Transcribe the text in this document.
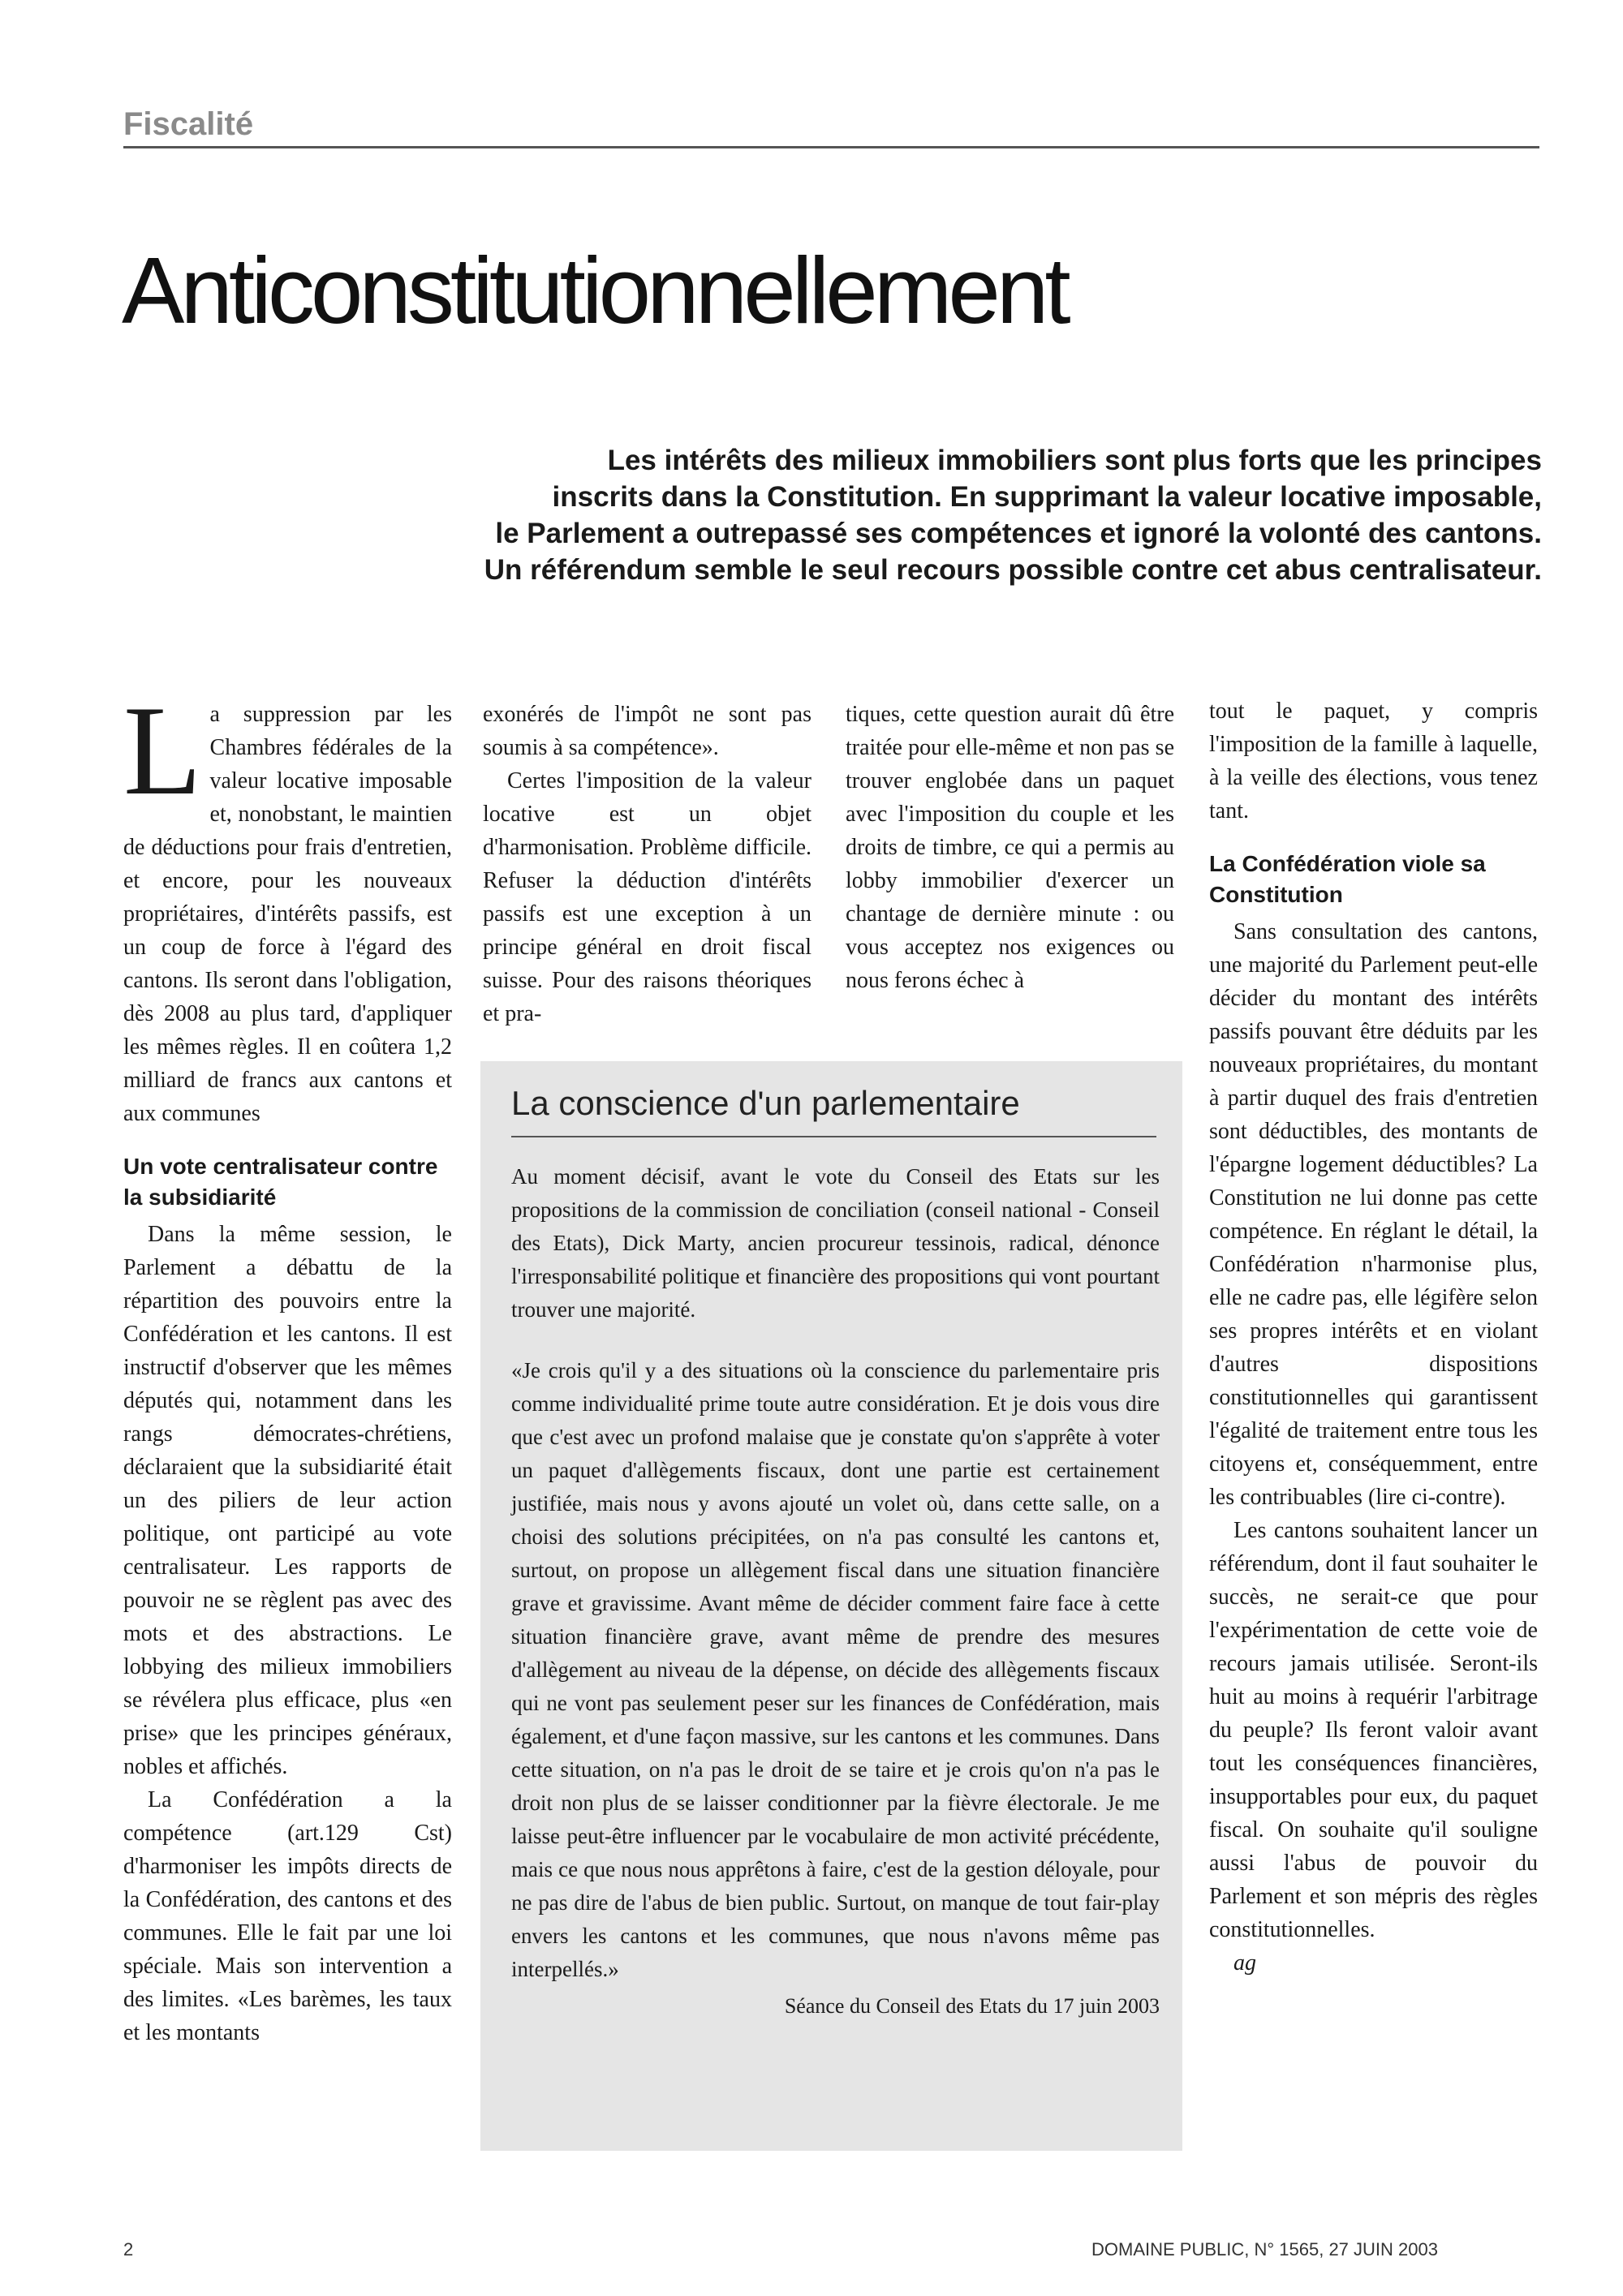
Fiscalité
Anticonstitutionnellement

Les intérêts des milieux immobiliers sont plus forts que les principes

inscrits dans la Constitution. En supprimant la valeur locative imposable,

le Parlement a outrepassé ses compétences et ignoré la volonté des cantons.

Un référendum semble le seul recours possible contre cet abus centralisateur.

La suppression par les Chambres fédérales de la valeur locative imposable et, nonobstant, le maintien de déductions pour frais d'entretien, et encore, pour les nouveaux propriétaires, d'intérêts passifs, est un coup de force à l'égard des cantons. Ils seront dans l'obligation, dès 2008 au plus tard, d'appliquer les mêmes règles. Il en coûtera 1,2 milliard de francs aux cantons et aux communes

Un vote centralisateur contre la subsidiarité

Dans la même session, le Parlement a débattu de la répartition des pouvoirs entre la Confédération et les cantons. Il est instructif d'observer que les mêmes députés qui, notamment dans les rangs démocrates-chrétiens, déclaraient que la subsidiarité était un des piliers de leur action politique, ont participé au vote centralisateur. Les rapports de pouvoir ne se règlent pas avec des mots et des abstractions. Le lobbying des milieux immobiliers se révélera plus efficace, plus «en prise» que les principes généraux, nobles et affichés.

La Confédération a la compétence (art.129 Cst) d'harmoniser les impôts directs de la Confédération, des cantons et des communes. Elle le fait par une loi spéciale. Mais son intervention a des limites. «Les barèmes, les taux et les montants

exonérés de l'impôt ne sont pas soumis à sa compétence».

Certes l'imposition de la valeur locative est un objet d'harmonisation. Problème difficile. Refuser la déduction d'intérêts passifs est une exception à un principe général en droit fiscal suisse. Pour des raisons théoriques et pra-

tiques, cette question aurait dû être traitée pour elle-même et non pas se trouver englobée dans un paquet avec l'imposition du couple et les droits de timbre, ce qui a permis au lobby immobilier d'exercer un chantage de dernière minute : ou vous acceptez nos exigences ou nous ferons échec à

tout le paquet, y compris l'imposition de la famille à laquelle, à la veille des élections, vous tenez tant.

La Confédération viole sa Constitution

Sans consultation des cantons, une majorité du Parlement peut-elle décider du montant des intérêts passifs pouvant être déduits par les nouveaux propriétaires, du montant à partir duquel des frais d'entretien sont déductibles, des montants de l'épargne logement déductibles? La Constitution ne lui donne pas cette compétence. En réglant le détail, la Confédération n'harmonise plus, elle ne cadre pas, elle légifère selon ses propres intérêts et en violant d'autres dispositions constitutionnelles qui garantissent l'égalité de traitement entre tous les citoyens et, conséquemment, entre les contribuables (lire ci-contre).

Les cantons souhaitent lancer un référendum, dont il faut souhaiter le succès, ne serait-ce que pour l'expérimentation de cette voie de recours jamais utilisée. Seront-ils huit au moins à requérir l'arbitrage du peuple? Ils feront valoir avant tout les conséquences financières, insupportables pour eux, du paquet fiscal. On souhaite qu'il souligne aussi l'abus de pouvoir du Parlement et son mépris des règles constitutionnelles.

ag

La conscience d'un parlementaire

Au moment décisif, avant le vote du Conseil des Etats sur les propositions de la commission de conciliation (conseil national - Conseil des Etats), Dick Marty, ancien procureur tessinois, radical, dénonce l'irresponsabilité politique et financière des propositions qui vont pourtant trouver une majorité.

«Je crois qu'il y a des situations où la conscience du parlementaire pris comme individualité prime toute autre considération. Et je dois vous dire que c'est avec un profond malaise que je constate qu'on s'apprête à voter un paquet d'allègements fiscaux, dont une partie est certainement justifiée, mais nous y avons ajouté un volet où, dans cette salle, on a choisi des solutions précipitées, on n'a pas consulté les cantons et, surtout, on propose un allègement fiscal dans une situation financière grave et gravissime. Avant même de décider comment faire face à cette situation financière grave, avant même de prendre des mesures d'allègement au niveau de la dépense, on décide des allègements fiscaux qui ne vont pas seulement peser sur les finances de Confédération, mais également, et d'une façon massive, sur les cantons et les communes. Dans cette situation, on n'a pas le droit de se taire et je crois qu'on n'a pas le droit non plus de se laisser conditionner par la fièvre électorale. Je me laisse peut-être influencer par le vocabulaire de mon activité précédente, mais ce que nous nous apprêtons à faire, c'est de la gestion déloyale, pour ne pas dire de l'abus de bien public. Surtout, on manque de tout fair-play envers les cantons et les communes, que nous n'avons même pas interpellés.»

Séance du Conseil des Etats du 17 juin 2003

2	DOMAINE PUBLIC, N° 1565, 27 JUIN 2003
